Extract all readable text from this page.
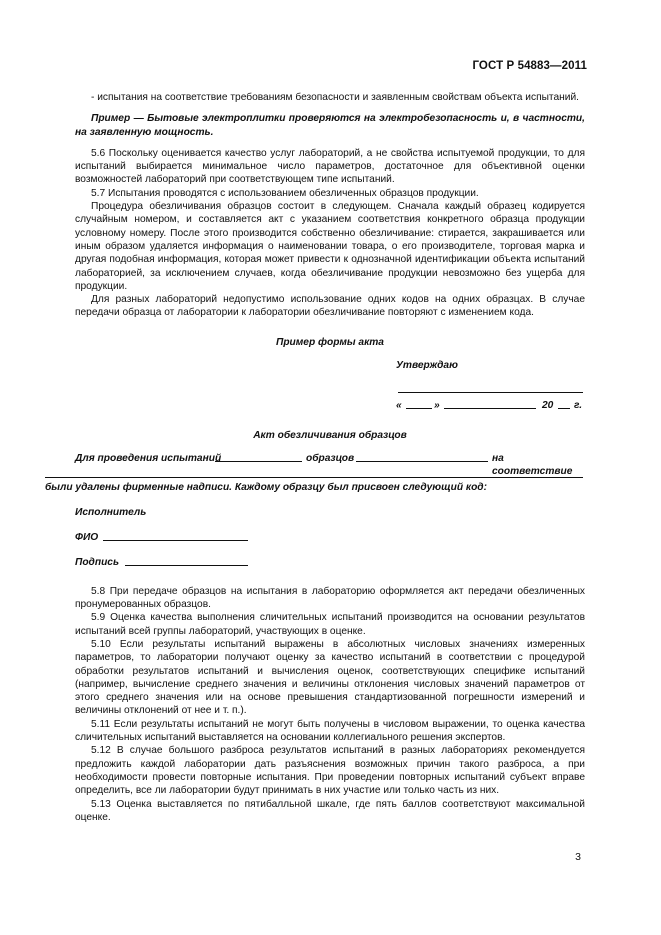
ГОСТ Р 54883—2011

- испытания на соответствие требованиям безопасности и заявленным свойствам объекта испытаний.

Пример — Бытовые электроплитки проверяются на электробезопасность и, в частности, на заявленную мощность.

5.6 Поскольку оценивается качество услуг лабораторий, а не свойства испытуемой продукции, то для испытаний выбирается минимальное число параметров, достаточное для объективной оценки возможностей лабораторий при соответствующем типе испытаний.

5.7 Испытания проводятся с использованием обезличенных образцов продукции.

Процедура обезличивания образцов состоит в следующем. Сначала каждый образец кодируется случайным номером, и составляется акт с указанием соответствия конкретного образца продукции условному номеру. После этого производится собственно обезличивание: стирается, закрашивается или иным образом удаляется информация о наименовании товара, о его производителе, торговая марка и другая подобная информация, которая может привести к однозначной идентификации объекта испытаний лабораторией, за исключением случаев, когда обезличивание продукции невозможно без ущерба для продукции.

Для разных лабораторий недопустимо использование одних кодов на одних образцах. В случае передачи образца от лаборатории к лаборатории обезличивание повторяют с изменением кода.

Пример формы акта
Утверждаю
«	»	20 г.
Акт обезличивания образцов
Для проведения испытаний	образцов	на соответствие
были удалены фирменные надписи. Каждому образцу был присвоен следующий код:
Исполнитель
ФИО
Подпись

5.8 При передаче образцов на испытания в лабораторию оформляется акт передачи обезличенных пронумерованных образцов.

5.9 Оценка качества выполнения сличительных испытаний производится на основании результатов испытаний всей группы лабораторий, участвующих в оценке.

5.10 Если результаты испытаний выражены в абсолютных числовых значениях измеренных параметров, то лаборатории получают оценку за качество испытаний в соответствии с процедурой обработки результатов испытаний и вычисления оценок, соответствующих специфике испытаний (например, вычисление среднего значения и величины отклонения числовых значений параметров от этого среднего значения или на основе превышения стандартизованной погрешности измерений и величины отклонений от нее и т. п.).

5.11 Если результаты испытаний не могут быть получены в числовом выражении, то оценка качества сличительных испытаний выставляется на основании коллегиального решения экспертов.

5.12 В случае большого разброса результатов испытаний в разных лабораториях рекомендуется предложить каждой лаборатории дать разъяснения возможных причин такого разброса, а при необходимости провести повторные испытания. При проведении повторных испытаний субъект вправе определить, все ли лаборатории будут принимать в них участие или только часть из них.

5.13 Оценка выставляется по пятибалльной шкале, где пять баллов соответствуют максимальной оценке.

3
